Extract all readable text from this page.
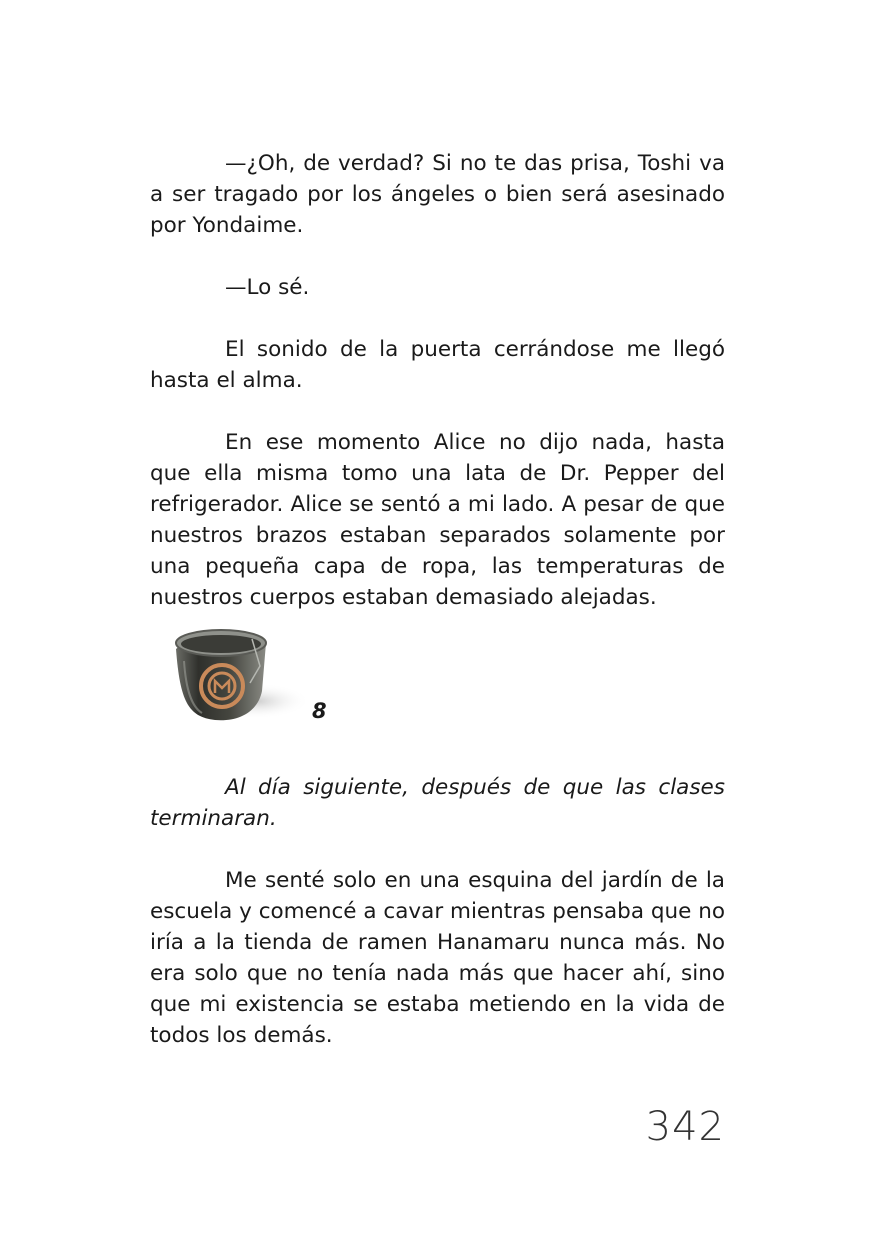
—¿Oh, de verdad? Si no te das prisa, Toshi va a ser tragado por los ángeles o bien será asesinado por Yondaime.

—Lo sé.

El sonido de la puerta cerrándose me llegó hasta el alma.

En ese momento Alice no dijo nada, hasta que ella misma tomo una lata de Dr. Pepper del refrigerador. Alice se sentó a mi lado. A pesar de que nuestros brazos estaban separados solamente por una pequeña capa de ropa, las temperaturas de nuestros cuerpos estaban demasiado alejadas.

8

Al día siguiente, después de que las clases terminaran.

Me senté solo en una esquina del jardín de la escuela y comencé a cavar mientras pensaba que no iría a la tienda de ramen Hanamaru nunca más. No era solo que no tenía nada más que hacer ahí, sino que mi existencia se estaba metiendo en la vida de todos los demás.

342
